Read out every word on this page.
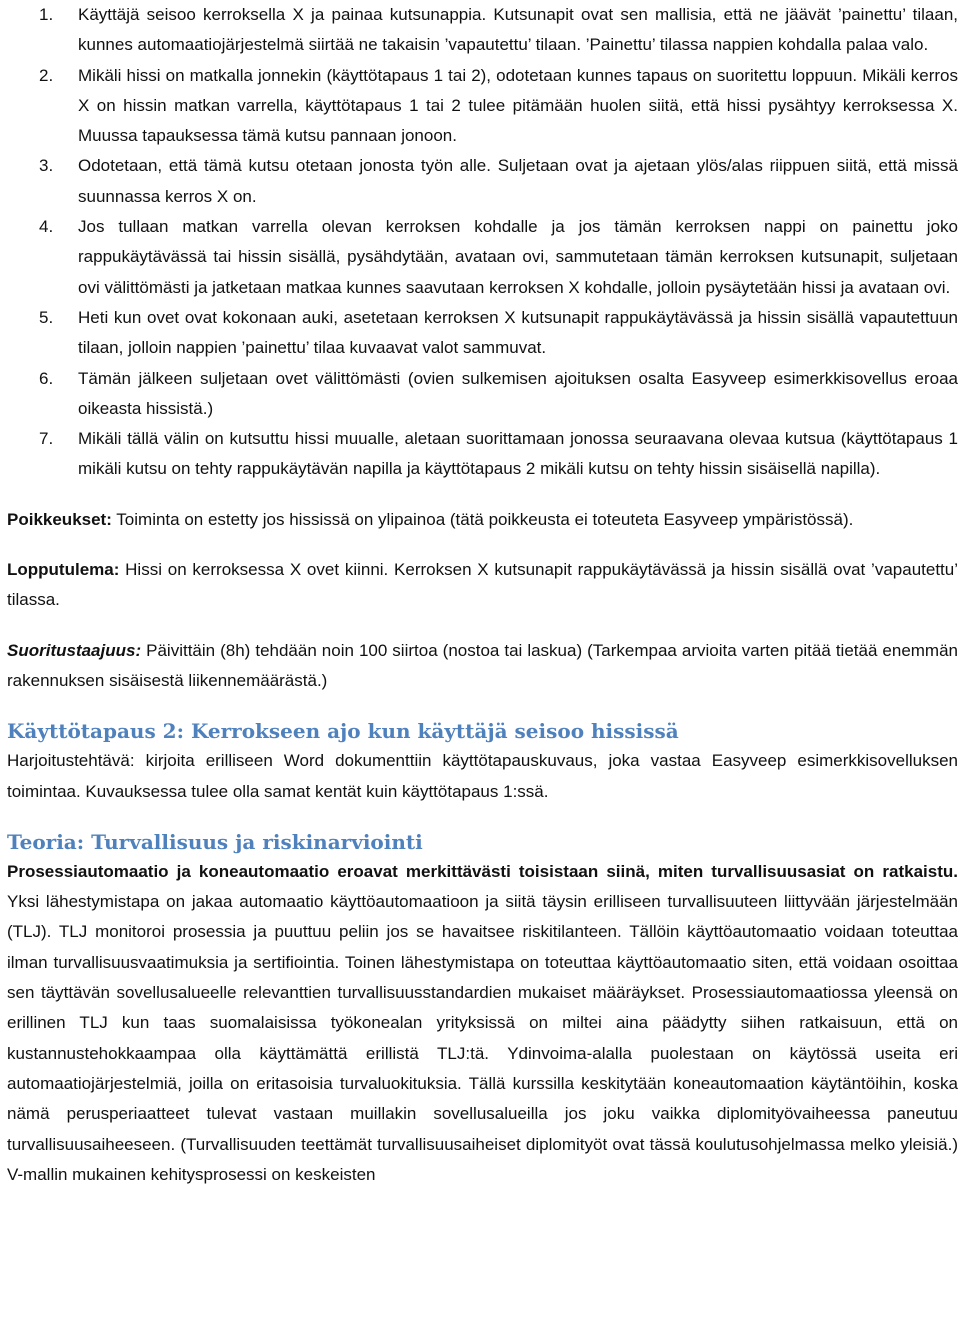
1. Käyttäjä seisoo kerroksella X ja painaa kutsunappia. Kutsunapit ovat sen mallisia, että ne jäävät ’painettu’ tilaan, kunnes automaatiojärjestelmä siirtää ne takaisin ’vapautettu’ tilaan. ’Painettu’ tilassa nappien kohdalla palaa valo.
2. Mikäli hissi on matkalla jonnekin (käyttötapaus 1 tai 2), odotetaan kunnes tapaus on suoritettu loppuun. Mikäli kerros X on hissin matkan varrella, käyttötapaus 1 tai 2 tulee pitämään huolen siitä, että hissi pysähtyy kerroksessa X. Muussa tapauksessa tämä kutsu pannaan jonoon.
3. Odotetaan, että tämä kutsu otetaan jonosta työn alle. Suljetaan ovat ja ajetaan ylös/alas riippuen siitä, että missä suunnassa kerros X on.
4. Jos tullaan matkan varrella olevan kerroksen kohdalle ja jos tämän kerroksen nappi on painettu joko rappukäytävässä tai hissin sisällä, pysähdytään, avataan ovi, sammutetaan tämän kerroksen kutsunapit, suljetaan ovi välittömästi ja jatketaan matkaa kunnes saavutaan kerroksen X kohdalle, jolloin pysäytetään hissi ja avataan ovi.
5. Heti kun ovet ovat kokonaan auki, asetetaan kerroksen X kutsunapit rappukäytävässä ja hissin sisällä vapautettuun tilaan, jolloin nappien ’painettu’ tilaa kuvaavat valot sammuvat.
6. Tämän jälkeen suljetaan ovet välittömästi (ovien sulkemisen ajoituksen osalta Easyveep esimerkkisovellus eroaa oikeasta hissistä.)
7. Mikäli tällä välin on kutsuttu hissi muualle, aletaan suorittamaan jonossa seuraavana olevaa kutsua (käyttötapaus 1 mikäli kutsu on tehty rappukäytävän napilla ja käyttötapaus 2 mikäli kutsu on tehty hissin sisäisellä napilla).

Poikkeukset: Toiminta on estetty jos hississä on ylipainoa (tätä poikkeusta ei toteuteta Easyveep ympäristössä).

Lopputulema: Hissi on kerroksessa X ovet kiinni. Kerroksen X kutsunapit rappukäytävässä ja hissin sisällä ovat ’vapautettu’ tilassa.

Suoritustaajuus: Päivittäin (8h) tehdään noin 100 siirtoa (nostoa tai laskua) (Tarkempaa arvioita varten pitää tietää enemmän rakennuksen sisäisestä liikennemäärästä.)

Käyttötapaus 2: Kerrokseen ajo kun käyttäjä seisoo hississä

Harjoitustehtävä: kirjoita erilliseen Word dokumenttiin käyttötapauskuvaus, joka vastaa Easyveep esimerkkisovelluksen toimintaa. Kuvauksessa tulee olla samat kentät kuin käyttötapaus 1:ssä.

Teoria: Turvallisuus ja riskinarviointi

Prosessiautomaatio ja koneautomaatio eroavat merkittävästi toisistaan siinä, miten turvallisuusasiat on ratkaistu. Yksi lähestymistapa on jakaa automaatio käyttöautomaatioon ja siitä täysin erilliseen turvallisuuteen liittyvään järjestelmään (TLJ). TLJ monitoroi prosessia ja puuttuu peliin jos se havaitsee riskitilanteen. Tällöin käyttöautomaatio voidaan toteuttaa ilman turvallisuusvaatimuksia ja sertifiointia. Toinen lähestymistapa on toteuttaa käyttöautomaatio siten, että voidaan osoittaa sen täyttävän sovellusalueelle relevanttien turvallisuusstandardien mukaiset määräykset. Prosessiautomaatiossa yleensä on erillinen TLJ kun taas suomalaisissa työkonealan yrityksissä on miltei aina päädytty siihen ratkaisuun, että on kustannustehokkaampaa olla käyttämättä erillistä TLJ:tä. Ydinvoima-alalla puolestaan on käytössä useita eri automaatiojärjestelmiä, joilla on eritasoisia turvaluokituksia. Tällä kurssilla keskitytään koneautomaation käytäntöihin, koska nämä perusperiaatteet tulevat vastaan muillakin sovellusalueilla jos joku vaikka diplomityövaiheessa paneutuu turvallisuusaiheeseen. (Turvallisuuden teettämät turvallisuusaiheiset diplomityöt ovat tässä koulutusohjelmassa melko yleisiä.) V-mallin mukainen kehitysprosessi on keskeisten
